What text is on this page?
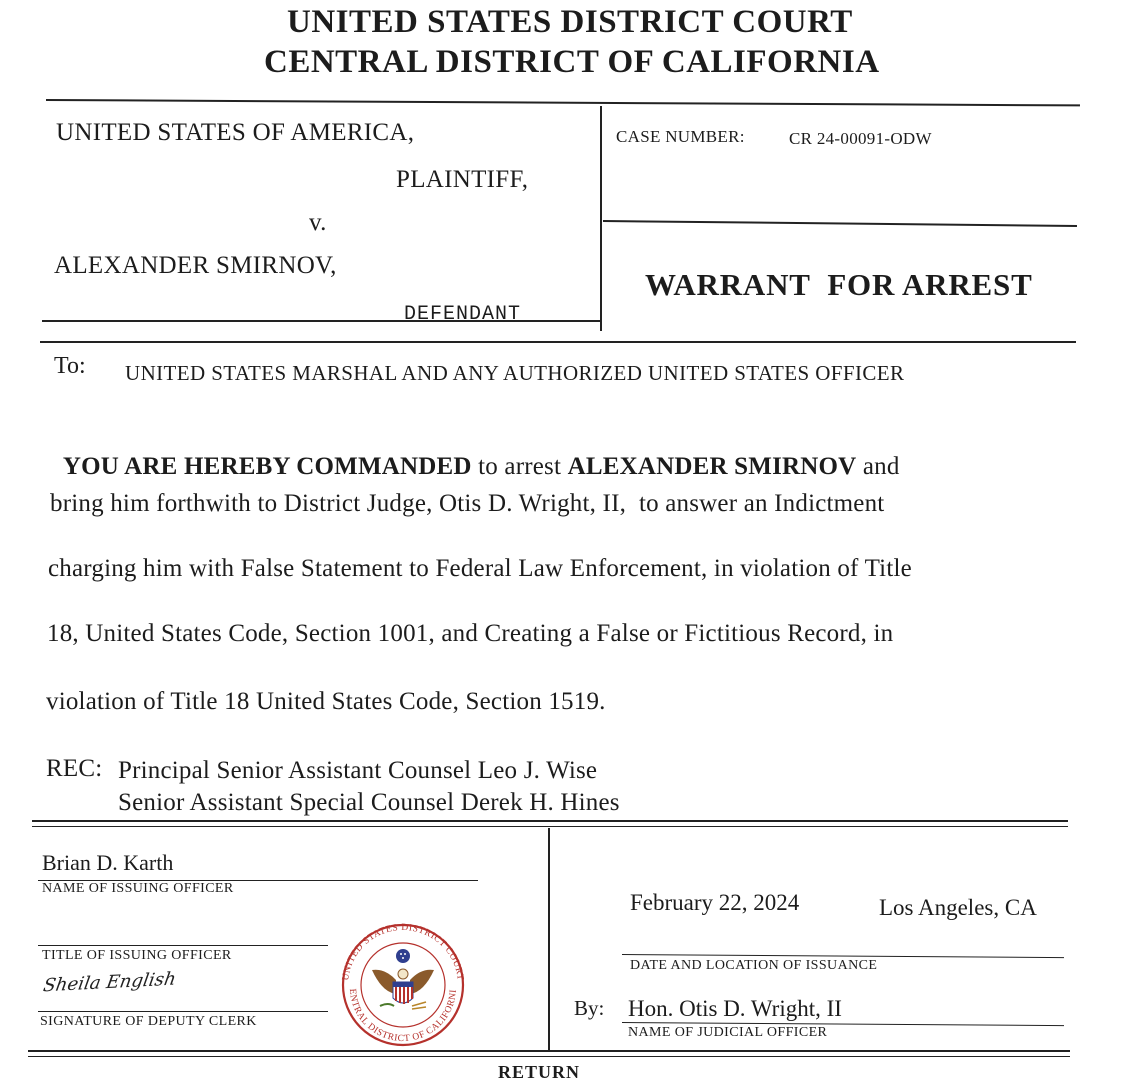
UNITED STATES DISTRICT COURT
CENTRAL DISTRICT OF CALIFORNIA
UNITED STATES OF AMERICA,
PLAINTIFF,
v.
ALEXANDER SMIRNOV,
DEFENDANT
CASE NUMBER:	CR 24-00091-ODW
WARRANT  FOR ARREST
To: UNITED STATES MARSHAL AND ANY AUTHORIZED UNITED STATES OFFICER

YOU ARE HEREBY COMMANDED to arrest ALEXANDER SMIRNOV and

bring him forthwith to District Judge, Otis D. Wright, II,  to answer an Indictment
charging him with False Statement to Federal Law Enforcement, in violation of Title
18, United States Code, Section 1001, and Creating a False or Fictitious Record, in
violation of Title 18 United States Code, Section 1519.
REC: Principal Senior Assistant Counsel Leo J. Wise
Senior Assistant Special Counsel Derek H. Hines
Brian D. Karth
NAME OF ISSUING OFFICER
TITLE OF ISSUING OFFICER
Sheila English
SIGNATURE OF DEPUTY CLERK
UNITED STATES DISTRICT COURT
ENTRAL DISTRICT OF CALIFORNI
February 22, 2024	Los Angeles, CA
DATE AND LOCATION OF ISSUANCE
By: Hon. Otis D. Wright, II
NAME OF JUDICIAL OFFICER
RETURN
